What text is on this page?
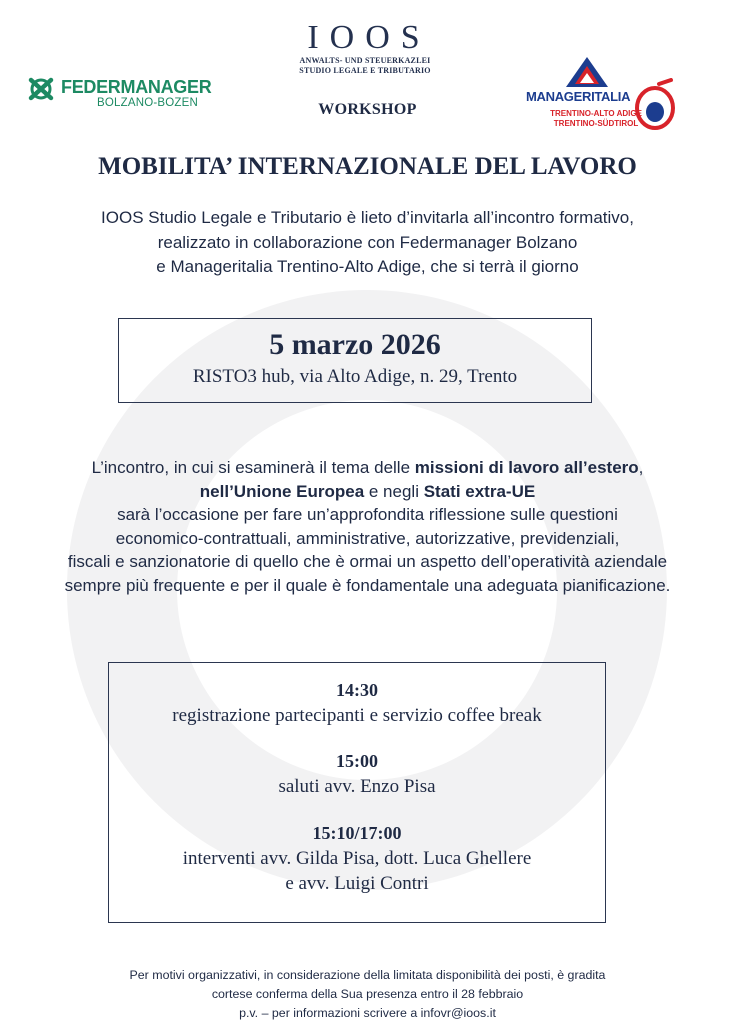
IOOS
ANWALTS- UND STEUERKAZLEI
STUDIO LEGALE E TRIBUTARIO
FEDERMANAGER
BOLZANO-BOZEN	MANAGERITALIA
TRENTINO-ALTO ADIGE
TRENTINO-SÜDTIROL
WORKSHOP
MOBILITA’ INTERNAZIONALE DEL LAVORO
IOOS Studio Legale e Tributario è lieto d’invitarla all’incontro formativo,
realizzato in collaborazione con Federmanager Bolzano
e Manageritalia Trentino-Alto Adige, che si terrà il giorno
5 marzo 2026
RISTO3 hub, via Alto Adige, n. 29, Trento
L’incontro, in cui si esaminerà il tema delle missioni di lavoro all’estero,
nell’Unione Europea e negli Stati extra-UE
sarà l’occasione per fare un’approfondita riflessione sulle questioni
economico-contrattuali, amministrative, autorizzative, previdenziali,
fiscali e sanzionatorie di quello che è ormai un aspetto dell’operatività aziendale
sempre più frequente e per il quale è fondamentale una adeguata pianificazione.
14:30
registrazione partecipanti e servizio coffee break
15:00
saluti avv. Enzo Pisa
15:10/17:00
interventi avv. Gilda Pisa, dott. Luca Ghellere
e avv. Luigi Contri
Per motivi organizzativi, in considerazione della limitata disponibilità dei posti, è gradita
cortese conferma della Sua presenza entro il 28 febbraio
p.v. – per informazioni scrivere a infovr@ioos.it
